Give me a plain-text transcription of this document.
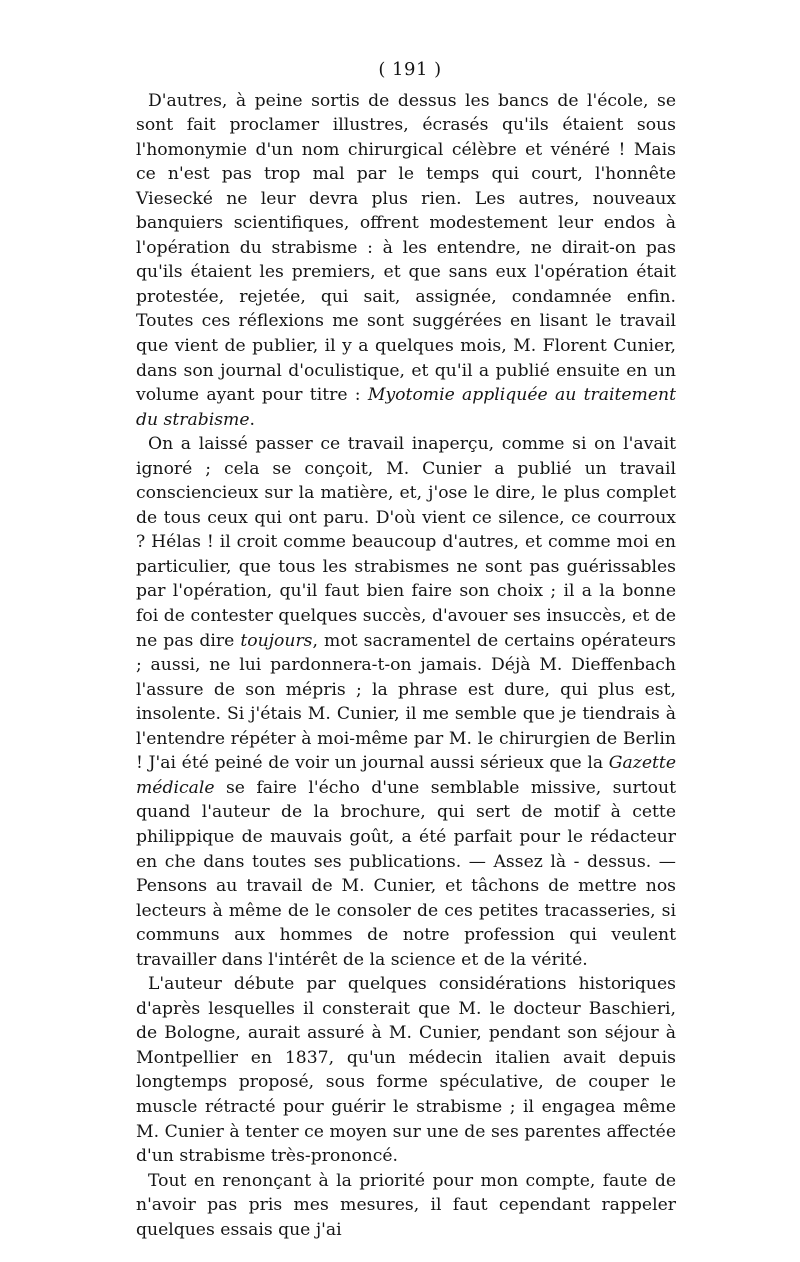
( 191 )

D'autres, à peine sortis de dessus les bancs de l'école, se sont fait proclamer illustres, écrasés qu'ils étaient sous l'homonymie d'un nom chirurgical célèbre et vénéré ! Mais ce n'est pas trop mal par le temps qui court, l'honnête Viesecké ne leur devra plus rien. Les autres, nouveaux banquiers scientifiques, offrent modestement leur endos à l'opération du strabisme : à les entendre, ne dirait-on pas qu'ils étaient les premiers, et que sans eux l'opération était protestée, rejetée, qui sait, assignée, condamnée enfin. Toutes ces réflexions me sont suggérées en lisant le travail que vient de publier, il y a quelques mois, M. Florent Cunier, dans son journal d'oculistique, et qu'il a publié ensuite en un volume ayant pour titre : Myotomie appliquée au traitement du strabisme.

On a laissé passer ce travail inaperçu, comme si on l'avait ignoré ; cela se conçoit, M. Cunier a publié un travail consciencieux sur la matière, et, j'ose le dire, le plus complet de tous ceux qui ont paru. D'où vient ce silence, ce courroux ? Hélas ! il croit comme beaucoup d'autres, et comme moi en particulier, que tous les strabismes ne sont pas guérissables par l'opération, qu'il faut bien faire son choix ; il a la bonne foi de contester quelques succès, d'avouer ses insuccès, et de ne pas dire toujours, mot sacramentel de certains opérateurs ; aussi, ne lui pardonnera-t-on jamais. Déjà M. Dieffenbach l'assure de son mépris ; la phrase est dure, qui plus est, insolente. Si j'étais M. Cunier, il me semble que je tiendrais à l'entendre répéter à moi-même par M. le chirurgien de Berlin ! J'ai été peiné de voir un journal aussi sérieux que la Gazette médicale se faire l'écho d'une semblable missive, surtout quand l'auteur de la brochure, qui sert de motif à cette philippique de mauvais goût, a été parfait pour le rédacteur en che dans toutes ses publications. — Assez là - dessus. — Pensons au travail de M. Cunier, et tâchons de mettre nos lecteurs à même de le consoler de ces petites tracasseries, si communs aux hommes de notre profession qui veulent travailler dans l'intérêt de la science et de la vérité.

L'auteur débute par quelques considérations historiques d'après lesquelles il consterait que M. le docteur Baschieri, de Bologne, aurait assuré à M. Cunier, pendant son séjour à Montpellier en 1837, qu'un médecin italien avait depuis longtemps proposé, sous forme spéculative, de couper le muscle rétracté pour guérir le strabisme ; il engagea même M. Cunier à tenter ce moyen sur une de ses parentes affectée d'un strabisme très-prononcé.

Tout en renonçant à la priorité pour mon compte, faute de n'avoir pas pris mes mesures, il faut cependant rappeler quelques essais que j'ai
